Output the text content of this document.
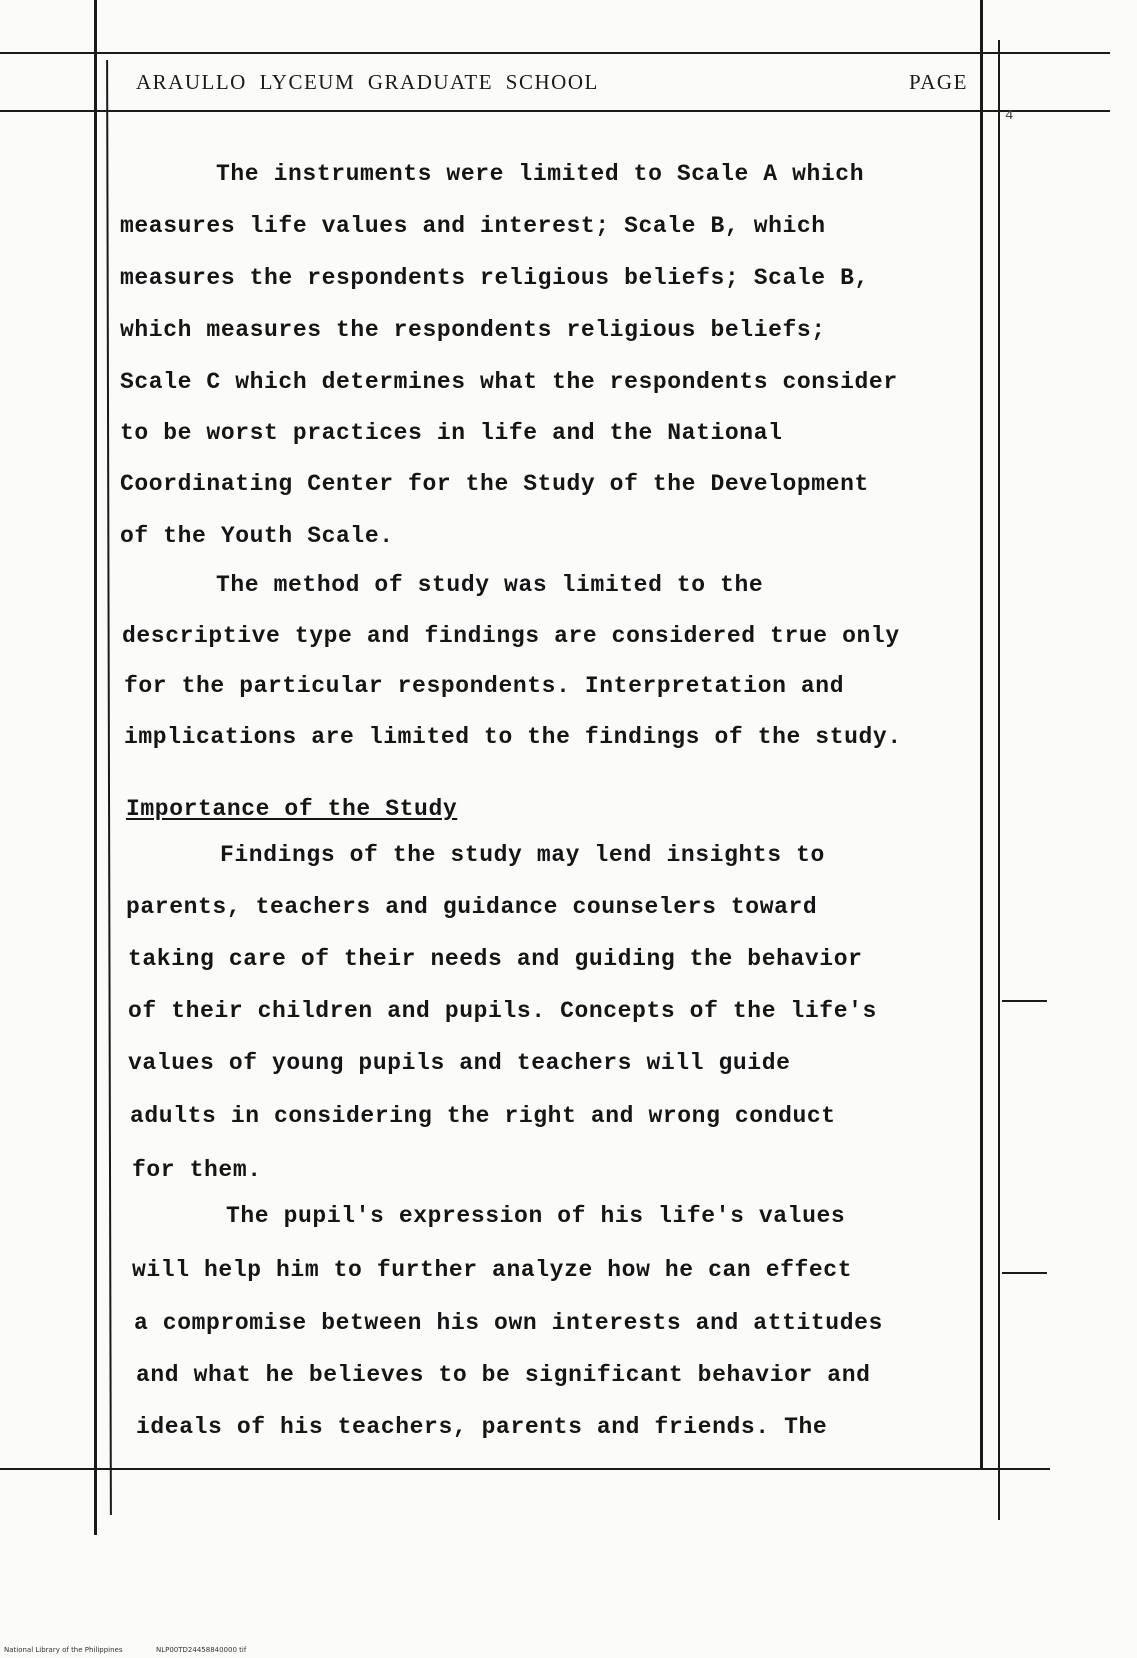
ARAULLO LYCEUM GRADUATE SCHOOL	PAGE
4
The instruments were limited to Scale A which
measures life values and interest; Scale B, which
measures the respondents religious beliefs; Scale B,
which measures the respondents religious beliefs;
Scale C which determines what the respondents consider
to be worst practices in life and the National
Coordinating Center for the Study of the Development
of the Youth Scale.
The method of study was limited to the
descriptive type and findings are considered true only
for the particular respondents. Interpretation and
implications are limited to the findings of the study.
Importance of the Study
Findings of the study may lend insights to
parents, teachers and guidance counselers toward
taking care of their needs and guiding the behavior
of their children and pupils. Concepts of the life's
values of young pupils and teachers will guide
adults in considering the right and wrong conduct
for them.
The pupil's expression of his life's values
will help him to further analyze how he can effect
a compromise between his own interests and attitudes
and what he believes to be significant behavior and
ideals of his teachers, parents and friends. The
National Library of the Philippines	NLP00TD24458840000 tif
